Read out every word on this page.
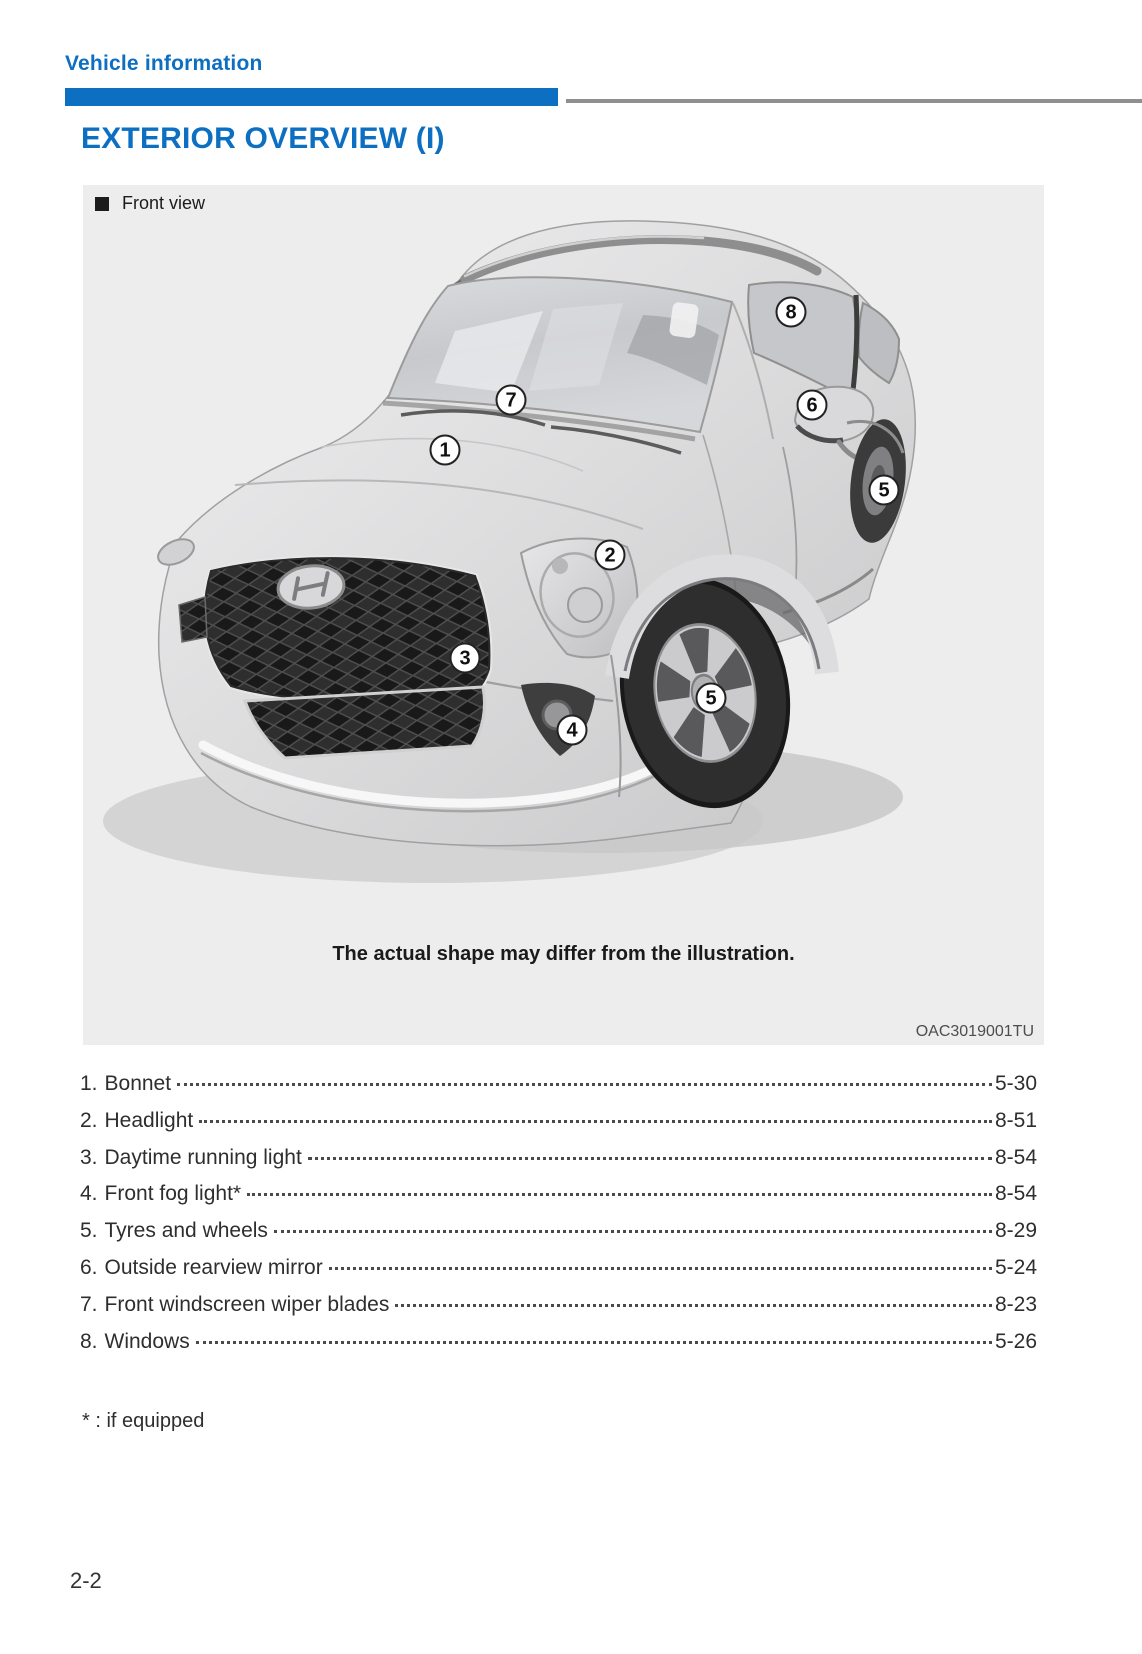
Vehicle information
EXTERIOR OVERVIEW (I)
Front view
1
2
3
4
5
5
6
7
8
The actual shape may differ from the illustration.
OAC3019001TU
1. Bonnet	5-30
2. Headlight	8-51
3. Daytime running light	8-54
4. Front fog light*	8-54
5. Tyres and wheels	8-29
6. Outside rearview mirror	5-24
7. Front windscreen wiper blades	8-23
8. Windows	5-26
* : if equipped
2-2
